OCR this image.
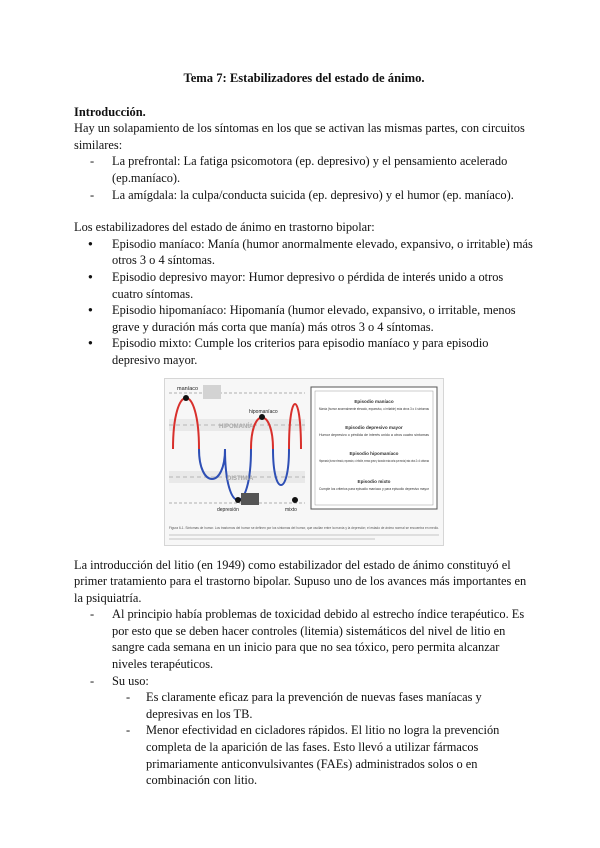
Tema 7: Estabilizadores del estado de ánimo.

Introducción.

Hay un solapamiento de los síntomas en los que se activan las mismas partes, con circuitos similares:

- La prefrontal: La fatiga psicomotora (ep. depresivo) y el pensamiento acelerado (ep.maníaco).
- La amígdala: la culpa/conducta suicida (ep. depresivo) y el humor (ep. maníaco).

Los estabilizadores del estado de ánimo en trastorno bipolar:

● Episodio maníaco: Manía (humor anormalmente elevado, expansivo, o irritable) más otros 3 o 4 síntomas.
● Episodio depresivo mayor: Humor depresivo o pérdida de interés unido a otros cuatro síntomas.
● Episodio hipomaníaco: Hipomanía (humor elevado, expansivo, o irritable, menos grave y duración más corta que manía) más otros 3 o 4 síntomas.
● Episodio mixto: Cumple los criterios para episodio maníaco y para episodio depresivo mayor.
maníaco
hipomaníaco
HIPOMANÍA
DISTIMIA
depresión	mixto
Episodio maníaco
Manía (humor anormalmente elevado, expansivo, o irritable) más otros 3 o 4 síntomas
Episodio depresivo mayor
Humor depresivo o pérdida de interés unido a otros cuatro síntomas
Episodio hipomaníaco
Hipomanía (humor elevado, expansivo, o irritable, menos grave y duración más corta que manía) más otros 3 o 4 síntomas
Episodio mixto
Cumple los criterios para episodio maníaco y para episodio depresivo mayor
Figura 6-1. Síntomas de humor. Los trastornos del humor se definen por los síntomas del humor, que oscilan entre la manía y la depresión; el estado de ánimo normal se encuentra en medio.

La introducción del litio (en 1949) como estabilizador del estado de ánimo constituyó el primer tratamiento para el trastorno bipolar. Supuso uno de los avances más importantes en la psiquiatría.

- Al principio había problemas de toxicidad debido al estrecho índice terapéutico. Es por esto que se deben hacer controles (litemia) sistemáticos del nivel de litio en sangre cada semana en un inicio para que no sea tóxico, pero permita alcanzar niveles terapéuticos.
- Su uso:
- Es claramente eficaz para la prevención de nuevas fases maníacas y depresivas en los TB.
- Menor efectividad en cicladores rápidos. El litio no logra la prevención completa de la aparición de las fases. Esto llevó a utilizar fármacos primariamente anticonvulsivantes (FAEs) administrados solos o en combinación con litio.
